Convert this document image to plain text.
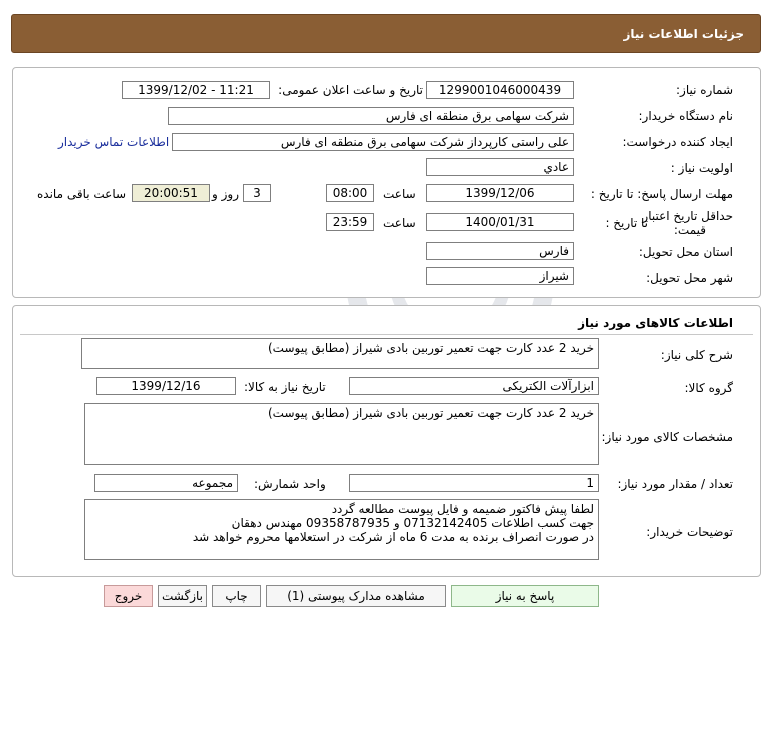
جزئیات اطلاعات نیاز
شماره نیاز:
1299001046000439
تاریخ و ساعت اعلان عمومی:
1399/12/02 - 11:21
نام دستگاه خریدار:
شرکت سهامی برق منطقه ای فارس
ایجاد کننده درخواست:
علی راستی کارپرداز شرکت سهامی برق منطقه ای فارس
اطلاعات تماس خریدار
اولویت نیاز :
عادي
مهلت ارسال پاسخ: تا تاریخ :
1399/12/06
ساعت
08:00
3
روز و
20:00:51
ساعت باقی مانده
حداقل تاریخ اعتبار
قیمت:
تا تاریخ :
1400/01/31
ساعت
23:59
استان محل تحویل:
فارس
شهر محل تحویل:
شیراز
اطلاعات کالاهای مورد نیاز
شرح کلی نیاز:
خرید 2 عدد کارت جهت تعمیر توربین بادی شیراز (مطابق پیوست)
گروه کالا:
ابزارآلات الکتریکی
تاریخ نیاز به کالا:
1399/12/16
مشخصات کالای مورد نیاز:
خرید 2 عدد کارت جهت تعمیر توربین بادی شیراز (مطابق پیوست)
تعداد / مقدار مورد نیاز:
1
واحد شمارش:
مجموعه
توضیحات خریدار:
لطفا پیش فاکتور ضمیمه و فایل پیوست مطالعه گردد
جهت کسب اطلاعات 07132142405 و 09358787935 مهندس دهقان
در صورت انصراف برنده به مدت 6 ماه از شرکت در استعلامها محروم خواهد شد
پاسخ به نیاز
مشاهده مدارک پیوستی (1)
چاپ
بازگشت
خروج
